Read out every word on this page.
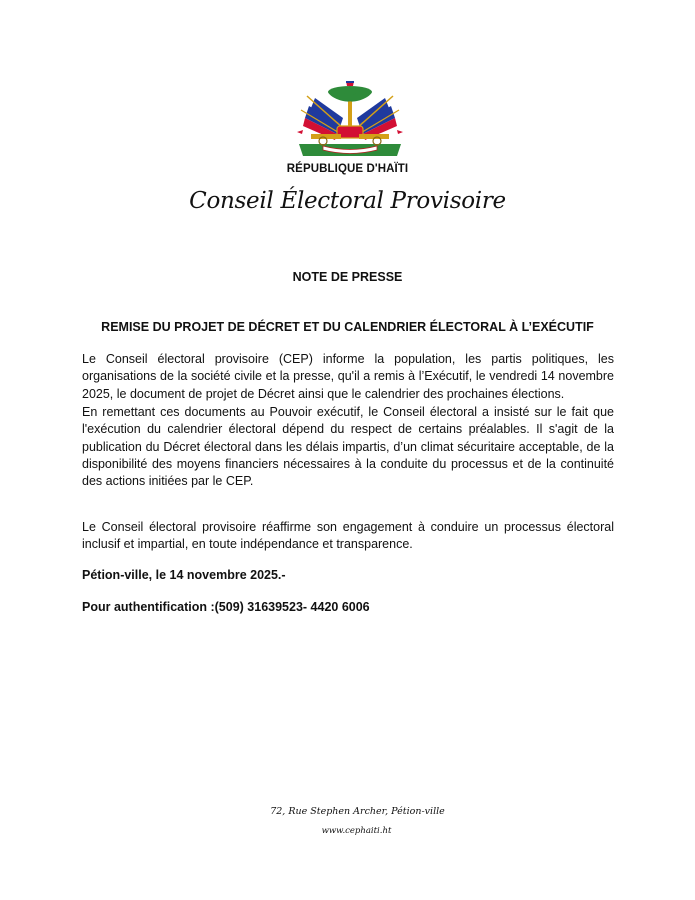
RÉPUBLIQUE D'HAÏTI
Conseil Électoral Provisoire
NOTE DE PRESSE
REMISE DU PROJET DE DÉCRET ET DU CALENDRIER ÉLECTORAL À L’EXÉCUTIF
Le Conseil électoral provisoire (CEP) informe la population, les partis politiques, les organisations de la société civile et la presse, qu'il a remis à l’Exécutif, le vendredi 14 novembre 2025, le document de projet de Décret ainsi que le calendrier des prochaines élections.
En remettant ces documents au Pouvoir exécutif, le Conseil électoral a insisté sur le fait que l'exécution du calendrier électoral dépend du respect de certains préalables. Il s'agit de la publication du Décret électoral dans les délais impartis, d’un climat sécuritaire acceptable, de la disponibilité des moyens financiers nécessaires à la conduite du processus et de la continuité des actions initiées par le CEP.
Le Conseil électoral provisoire réaffirme son engagement à conduire un processus électoral inclusif et impartial, en toute indépendance et transparence.
Pétion-ville, le 14 novembre 2025.-
Pour authentification :(509) 31639523- 4420 6006
72, Rue Stephen Archer, Pétion-ville
www.cephaiti.ht
